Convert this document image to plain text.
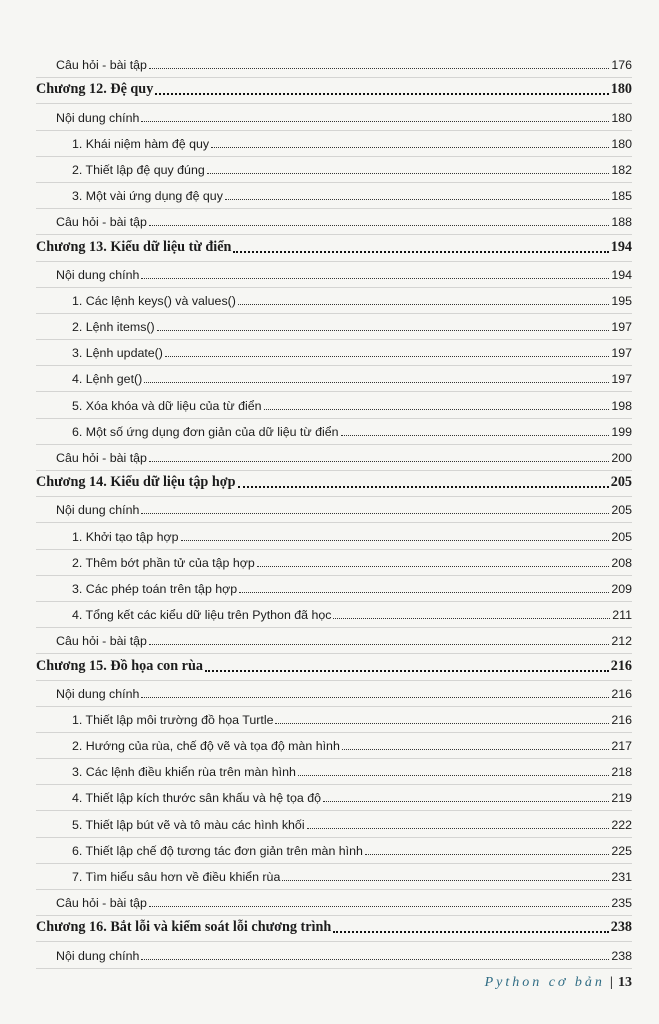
Câu hỏi - bài tập	176
Chương 12. Đệ quy	180
Nội dung chính	180
1. Khái niệm hàm đệ quy	180
2. Thiết lập đệ quy đúng	182
3. Một vài ứng dụng đệ quy	185
Câu hỏi - bài tập	188
Chương 13. Kiểu dữ liệu từ điển	194
Nội dung chính	194
1. Các lệnh keys() và values()	195
2. Lệnh items()	197
3. Lệnh update()	197
4. Lệnh get()	197
5. Xóa khóa và dữ liệu của từ điển	198
6. Một số ứng dụng đơn giản của dữ liệu từ điển	199
Câu hỏi - bài tập	200
Chương 14. Kiểu dữ liệu tập hợp	205
Nội dung chính	205
1. Khởi tạo tập hợp	205
2. Thêm bớt phần tử của tập hợp	208
3. Các phép toán trên tập hợp	209
4. Tổng kết các kiểu dữ liệu trên Python đã học	211
Câu hỏi - bài tập	212
Chương 15. Đồ họa con rùa	216
Nội dung chính	216
1. Thiết lập môi trường đồ họa Turtle	216
2. Hướng của rùa, chế độ vẽ và tọa độ màn hình	217
3. Các lệnh điều khiển rùa trên màn hình	218
4. Thiết lập kích thước sân khấu và hệ tọa độ	219
5. Thiết lập bút vẽ và tô màu các hình khối	222
6. Thiết lập chế độ tương tác đơn giản trên màn hình	225
7. Tìm hiểu sâu hơn về điều khiển rùa	231
Câu hỏi - bài tập	235
Chương 16. Bắt lỗi và kiểm soát lỗi chương trình	238
Nội dung chính	238
Python cơ bản | 13
